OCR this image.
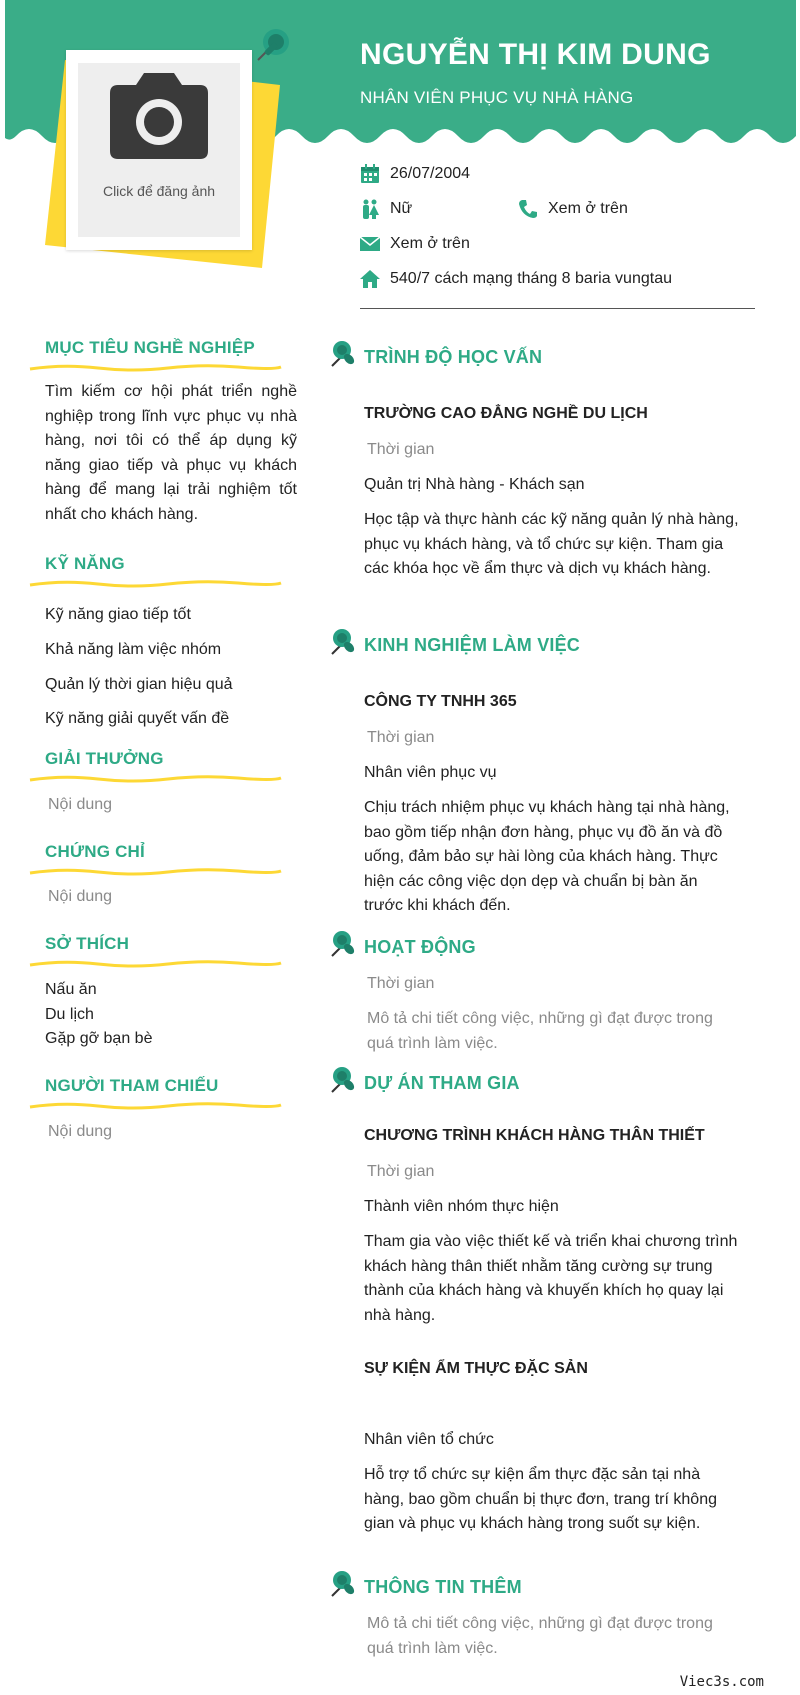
NGUYỄN THỊ KIM DUNG
NHÂN VIÊN PHỤC VỤ NHÀ HÀNG
Click để đăng ảnh
26/07/2004
Nữ	Xem ở trên
Xem ở trên
540/7 cách mạng tháng 8 baria vungtau
MỤC TIÊU NGHỀ NGHIỆP
Tìm kiếm cơ hội phát triển nghề nghiệp trong lĩnh vực phục vụ nhà hàng, nơi tôi có thể áp dụng kỹ năng giao tiếp và phục vụ khách hàng để mang lại trải nghiệm tốt nhất cho khách hàng.
KỸ NĂNG
Kỹ năng giao tiếp tốt
Khả năng làm việc nhóm
Quản lý thời gian hiệu quả
Kỹ năng giải quyết vấn đề
GIẢI THƯỞNG
Nội dung
CHỨNG CHỈ
Nội dung
SỞ THÍCH
Nấu ăn
Du lịch
Gặp gỡ bạn bè
NGƯỜI THAM CHIẾU
Nội dung
TRÌNH ĐỘ HỌC VẤN
TRƯỜNG CAO ĐẲNG NGHỀ DU LỊCH
Thời gian
Quản trị Nhà hàng - Khách sạn
Học tập và thực hành các kỹ năng quản lý nhà hàng, phục vụ khách hàng, và tổ chức sự kiện. Tham gia các khóa học về ẩm thực và dịch vụ khách hàng.
KINH NGHIỆM LÀM VIỆC
CÔNG TY TNHH 365
Thời gian
Nhân viên phục vụ
Chịu trách nhiệm phục vụ khách hàng tại nhà hàng, bao gồm tiếp nhận đơn hàng, phục vụ đồ ăn và đồ uống, đảm bảo sự hài lòng của khách hàng. Thực hiện các công việc dọn dẹp và chuẩn bị bàn ăn trước khi khách đến.
HOẠT ĐỘNG
Thời gian
Mô tả chi tiết công việc, những gì đạt được trong quá trình làm việc.
DỰ ÁN THAM GIA
CHƯƠNG TRÌNH KHÁCH HÀNG THÂN THIẾT
Thời gian
Thành viên nhóm thực hiện
Tham gia vào việc thiết kế và triển khai chương trình khách hàng thân thiết nhằm tăng cường sự trung thành của khách hàng và khuyến khích họ quay lại nhà hàng.
SỰ KIỆN ẨM THỰC ĐẶC SẢN
Nhân viên tổ chức
Hỗ trợ tổ chức sự kiện ẩm thực đặc sản tại nhà hàng, bao gồm chuẩn bị thực đơn, trang trí không gian và phục vụ khách hàng trong suốt sự kiện.
THÔNG TIN THÊM
Mô tả chi tiết công việc, những gì đạt được trong quá trình làm việc.
Viec3s.com
